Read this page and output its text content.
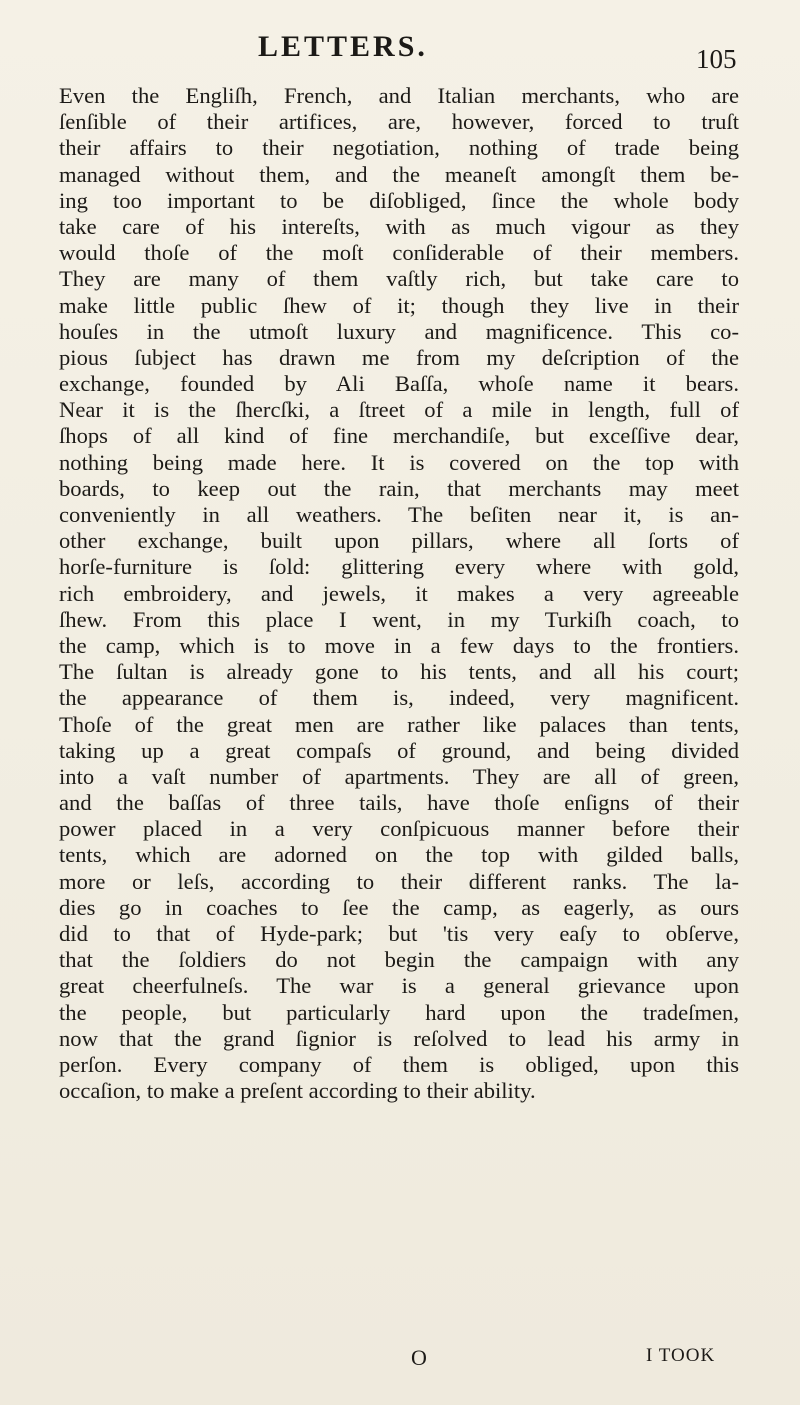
LETTERS.	105
Even the Engliſh, French, and Italian merchants, who are
ſenſible of their artifices, are, however, forced to truſt
their affairs to their negotiation, nothing of trade being
managed without them, and the meaneſt amongſt them be-
ing too important to be diſobliged, ſince the whole body
take care of his intereſts, with as much vigour as they
would thoſe of the moſt conſiderable of their members.
They are many of them vaſtly rich, but take care to
make little public ſhew of it; though they live in their
houſes in the utmoſt luxury and magnificence. This co-
pious ſubject has drawn me from my deſcription of the
exchange, founded by Ali Baſſa, whoſe name it bears.
Near it is the ſhercſki, a ſtreet of a mile in length, full of
ſhops of all kind of fine merchandiſe, but exceſſive dear,
nothing being made here. It is covered on the top with
boards, to keep out the rain, that merchants may meet
conveniently in all weathers. The beſiten near it, is an-
other exchange, built upon pillars, where all ſorts of
horſe-furniture is ſold: glittering every where with gold,
rich embroidery, and jewels, it makes a very agreeable
ſhew. From this place I went, in my Turkiſh coach, to
the camp, which is to move in a few days to the frontiers.
The ſultan is already gone to his tents, and all his court;
the appearance of them is, indeed, very magnificent.
Thoſe of the great men are rather like palaces than tents,
taking up a great compaſs of ground, and being divided
into a vaſt number of apartments. They are all of green,
and the baſſas of three tails, have thoſe enſigns of their
power placed in a very conſpicuous manner before their
tents, which are adorned on the top with gilded balls,
more or leſs, according to their different ranks. The la-
dies go in coaches to ſee the camp, as eagerly, as ours
did to that of Hyde-park; but 'tis very eaſy to obſerve,
that the ſoldiers do not begin the campaign with any
great cheerfulneſs. The war is a general grievance upon
the people, but particularly hard upon the tradeſmen,
now that the grand ſignior is reſolved to lead his army in
perſon. Every company of them is obliged, upon this
occaſion, to make a preſent according to their ability.
O	I TOOK
